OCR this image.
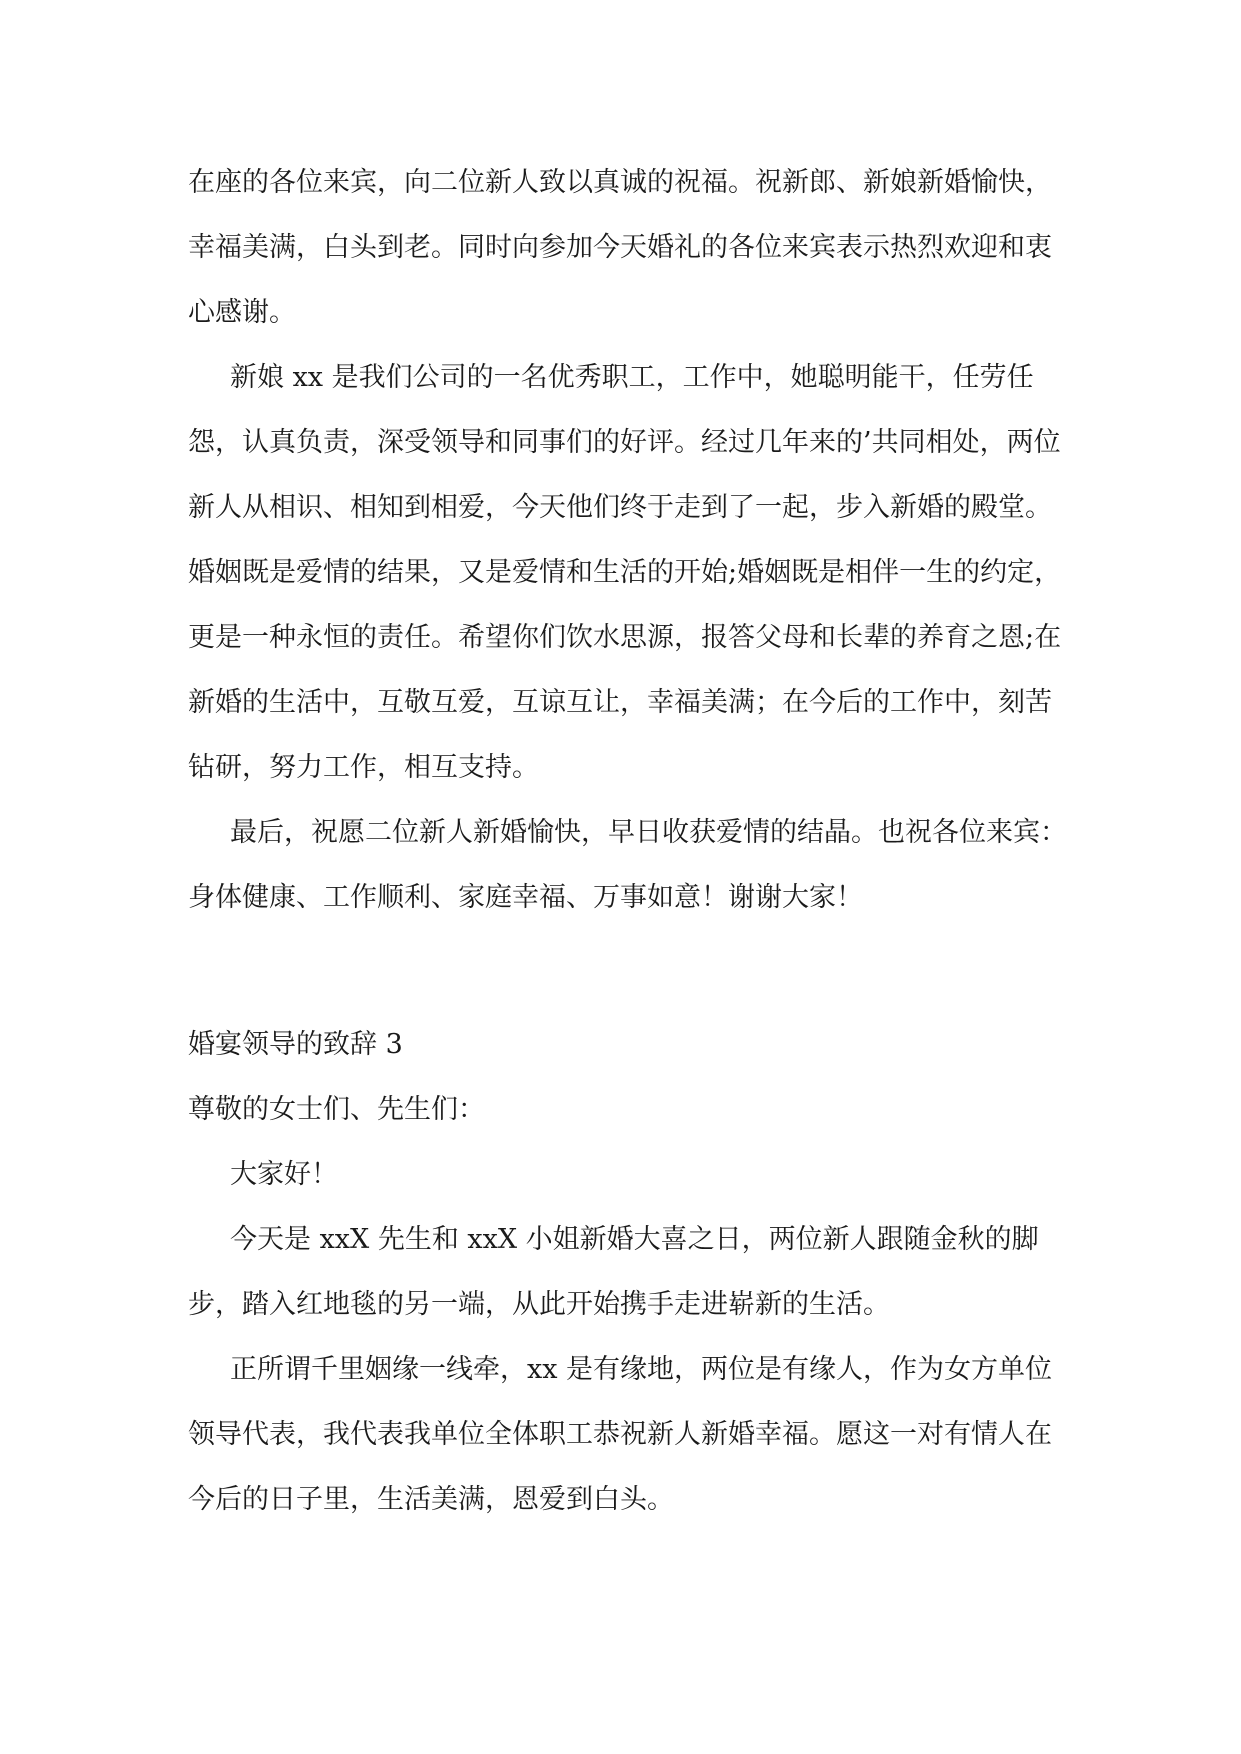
在座的各位来宾，向二位新人致以真诚的祝福。祝新郎、新娘新婚愉快，幸福美满，白头到老。同时向参加今天婚礼的各位来宾表示热烈欢迎和衷心感谢。

新娘 xx 是我们公司的一名优秀职工，工作中，她聪明能干，任劳任怨，认真负责，深受领导和同事们的好评。经过几年来的’共同相处，两位新人从相识、相知到相爱，今天他们终于走到了一起，步入新婚的殿堂。婚姻既是爱情的结果，又是爱情和生活的开始;婚姻既是相伴一生的约定，更是一种永恒的责任。希望你们饮水思源，报答父母和长辈的养育之恩;在新婚的生活中，互敬互爱，互谅互让，幸福美满；在今后的工作中，刻苦钻研，努力工作，相互支持。

最后，祝愿二位新人新婚愉快，早日收获爱情的结晶。也祝各位来宾：身体健康、工作顺利、家庭幸福、万事如意！谢谢大家！

婚宴领导的致辞 3

尊敬的女士们、先生们：

大家好！

今天是 xxX 先生和 xxX 小姐新婚大喜之日，两位新人跟随金秋的脚步，踏入红地毯的另一端，从此开始携手走进崭新的生活。

正所谓千里姻缘一线牵，xx 是有缘地，两位是有缘人，作为女方单位领导代表，我代表我单位全体职工恭祝新人新婚幸福。愿这一对有情人在今后的日子里，生活美满，恩爱到白头。
